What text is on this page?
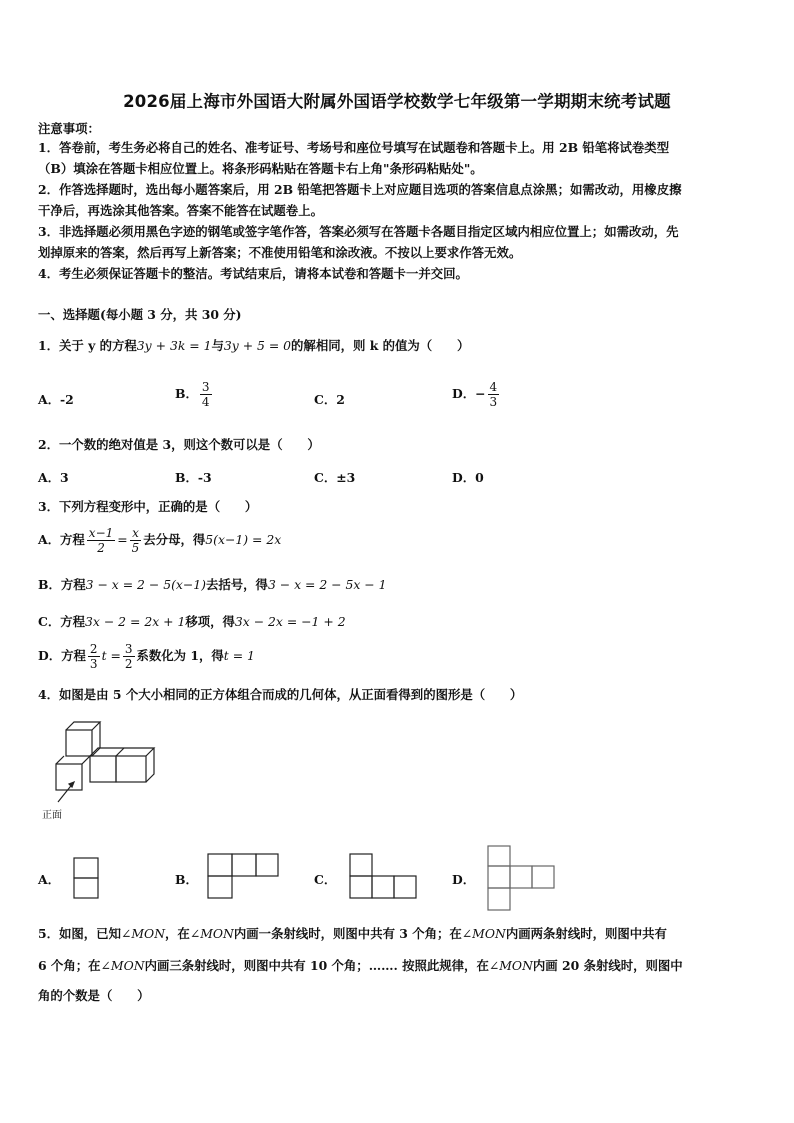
2026届上海市外国语大附属外国语学校数学七年级第一学期期末统考试题
注意事项：
1．答卷前，考生务必将自己的姓名、准考证号、考场号和座位号填写在试题卷和答题卡上。用 2B 铅笔将试卷类型
（B）填涂在答题卡相应位置上。将条形码粘贴在答题卡右上角"条形码粘贴处"。
2．作答选择题时，选出每小题答案后，用 2B 铅笔把答题卡上对应题目选项的答案信息点涂黑；如需改动，用橡皮擦
干净后，再选涂其他答案。答案不能答在试题卷上。
3．非选择题必须用黑色字迹的钢笔或签字笔作答，答案必须写在答题卡各题目指定区域内相应位置上；如需改动，先
划掉原来的答案，然后再写上新答案；不准使用铅笔和涂改液。不按以上要求作答无效。
4．考生必须保证答题卡的整洁。考试结束后，请将本试卷和答题卡一并交回。
一、选择题(每小题 3 分，共 30 分)
1．关于 y 的方程3y + 3k = 1与3y + 5 = 0的解相同，则 k 的值为（　　）
A．-2	B． $\frac{3}{4}$	C．2	D．− $\frac{4}{3}$
2．一个数的绝对值是 3，则这个数可以是（　　）
A．3	B．-3	C．±3	D．0
3．下列方程变形中，正确的是（　　）
A．方程 $\frac{x-1}{2} = \frac{x}{5}$ 去分母，得5(x−1) = 2x
B．方程3 − x = 2 − 5(x−1)去括号，得3 − x = 2 − 5x − 1
C．方程3x − 2 = 2x + 1移项，得3x − 2x = −1 + 2
D．方程 $\frac{2}{3}$ $t = \frac{3}{2}$ 系数化为 1，得t = 1
4．如图是由 5 个大小相同的正方体组合而成的几何体，从正面看得到的图形是（　　）
正面
A．	B．	C．	D．
5．如图，已知∠MON，在∠MON内画一条射线时，则图中共有 3 个角；在∠MON内画两条射线时，则图中共有
6 个角；在∠MON内画三条射线时，则图中共有 10 个角；……. 按照此规律，在∠MON内画 20 条射线时，则图中
角的个数是（　　）
